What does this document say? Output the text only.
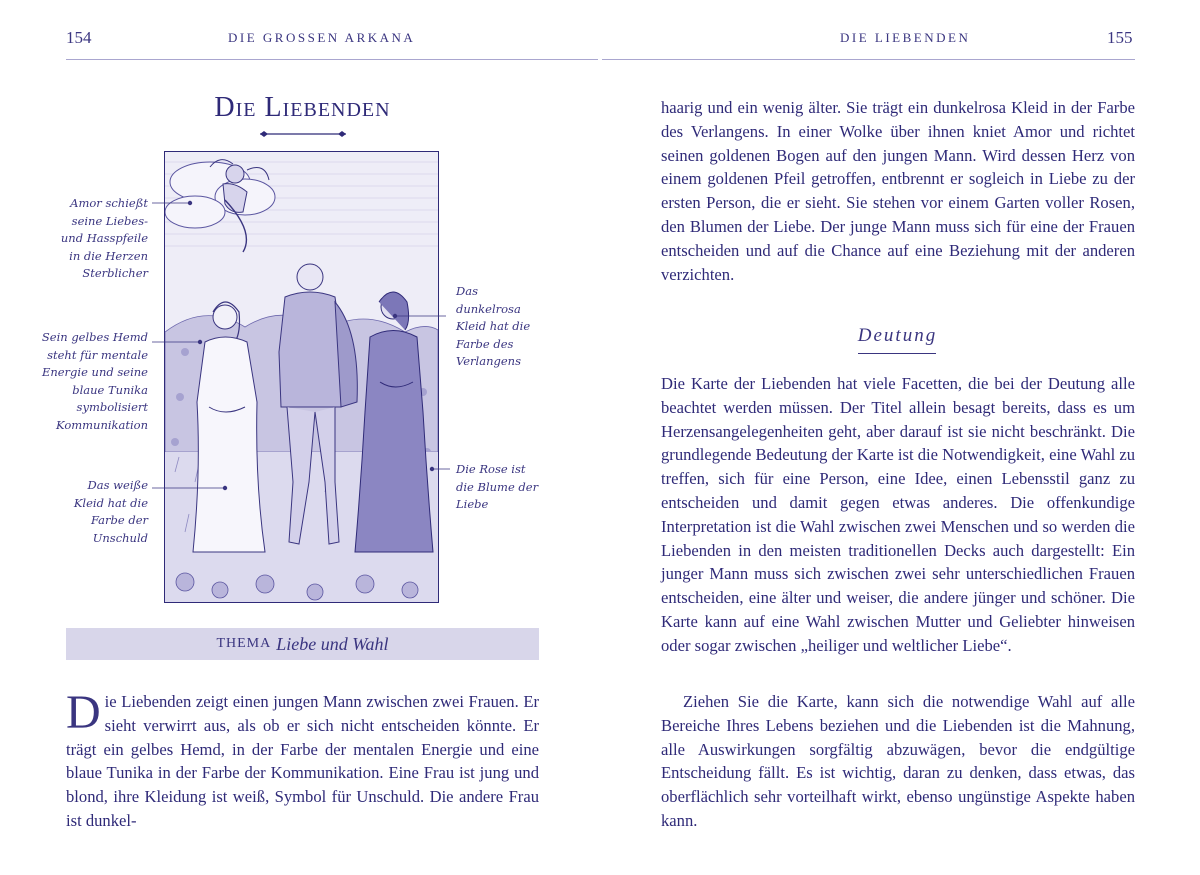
154	DIE GROSSEN ARKANA
Die Liebenden
Amor schießt
seine Liebes-
und Hasspfeile
in die Herzen
Sterblicher
Sein gelbes Hemd
steht für mentale
Energie und seine
blaue Tunika
symbolisiert
Kommunikation
Das weiße
Kleid hat die
Farbe der
Unschuld
Das
dunkelrosa
Kleid hat die
Farbe des
Verlangens
Die Rose ist
die Blume der
Liebe
THEMA Liebe und Wahl

Die Liebenden zeigt einen jungen Mann zwischen zwei Frauen. Er sieht verwirrt aus, als ob er sich nicht entscheiden könnte. Er trägt ein gelbes Hemd, in der Farbe der mentalen Energie und eine blaue Tunika in der Farbe der Kommunikation. Eine Frau ist jung und blond, ihre Kleidung ist weiß, Symbol für Unschuld. Die andere Frau ist dunkel-

DIE LIEBENDEN	155

haarig und ein wenig älter. Sie trägt ein dunkelrosa Kleid in der Farbe des Verlangens. In einer Wolke über ihnen kniet Amor und richtet seinen goldenen Bogen auf den jungen Mann. Wird dessen Herz von einem goldenen Pfeil getroffen, entbrennt er sogleich in Liebe zu der ersten Person, die er sieht. Sie stehen vor einem Garten voller Rosen, den Blumen der Liebe. Der junge Mann muss sich für eine der Frauen entscheiden und auf die Chance auf eine Beziehung mit der anderen verzichten.

Deutung

Die Karte der Liebenden hat viele Facetten, die bei der Deutung alle beachtet werden müssen. Der Titel allein besagt bereits, dass es um Herzensangelegenheiten geht, aber darauf ist sie nicht beschränkt. Die grundlegende Bedeutung der Karte ist die Notwendigkeit, eine Wahl zu treffen, sich für eine Person, eine Idee, einen Lebensstil ganz zu entscheiden und damit gegen etwas anderes. Die offenkundige Interpretation ist die Wahl zwischen zwei Menschen und so werden die Liebenden in den meisten traditionellen Decks auch dargestellt: Ein junger Mann muss sich zwischen zwei sehr unterschiedlichen Frauen entscheiden, eine älter und weiser, die andere jünger und schöner. Die Karte kann auf eine Wahl zwischen Mutter und Geliebter hinweisen oder sogar zwischen „heiliger und weltlicher Liebe“.

Ziehen Sie die Karte, kann sich die notwendige Wahl auf alle Bereiche Ihres Lebens beziehen und die Liebenden ist die Mahnung, alle Auswirkungen sorgfältig abzuwägen, bevor die endgültige Entscheidung fällt. Es ist wichtig, daran zu denken, dass etwas, das oberflächlich sehr vorteilhaft wirkt, ebenso ungünstige Aspekte haben kann.
